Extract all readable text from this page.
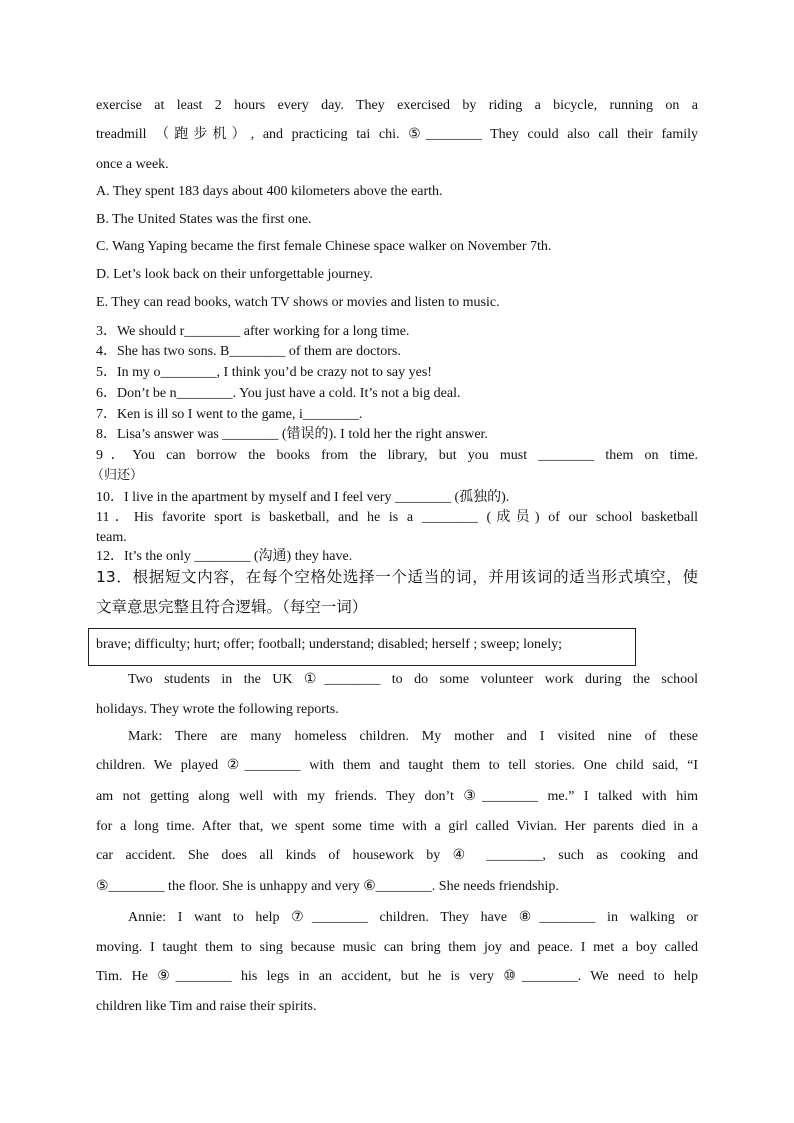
exercise at least 2 hours every day. They exercised by riding a bicycle, running on a
treadmill （跑步机）, and practicing tai chi. ⑤________ They could also call their family
once a week.
A. They spent 183 days about 400 kilometers above the earth.
B. The United States was the first one.
C. Wang Yaping became the first female Chinese space walker on November 7th.
D. Let’s look back on their unforgettable journey.
E. They can read books, watch TV shows or movies and listen to music.
3．We should r________ after working for a long time.
4．She has two sons. B________ of them are doctors.
5．In my o________, I think you’d be crazy not to say yes!
6．Don’t be n________. You just have a cold. It’s not a big deal.
7．Ken is ill so I went to the game, i________.
8．Lisa’s answer was ________ (错误的). I told her the right answer.
9．You can borrow the books from the library, but you must ________ them on time.
（归还）
10．I live in the apartment by myself and I feel very ________ (孤独的).
11．His favorite sport is basketball, and he is a ________ (成员) of our school basketball
team.
12．It’s the only ________ (沟通) they have.
13．根据短文内容，在每个空格处选择一个适当的词，并用该词的适当形式填空，使
文章意思完整且符合逻辑。（每空一词）
brave; difficulty; hurt; offer; football; understand; disabled; herself ; sweep; lonely;
Two students in the UK ①________ to do some volunteer work during the school
holidays. They wrote the following reports.
Mark: There are many homeless children. My mother and I visited nine of these
children. We played ②________ with them and taught them to tell stories. One child said, “I
am not getting along well with my friends. They don’t ③________ me.” I talked with him
for a long time. After that, we spent some time with a girl called Vivian. Her parents died in a
car accident. She does all kinds of housework by ④ ________, such as cooking and
⑤________ the floor. She is unhappy and very ⑥________. She needs friendship.
Annie: I want to help ⑦________ children. They have ⑧________ in walking or
moving. I taught them to sing because music can bring them joy and peace. I met a boy called
Tim. He ⑨________ his legs in an accident, but he is very ⑩________. We need to help
children like Tim and raise their spirits.
